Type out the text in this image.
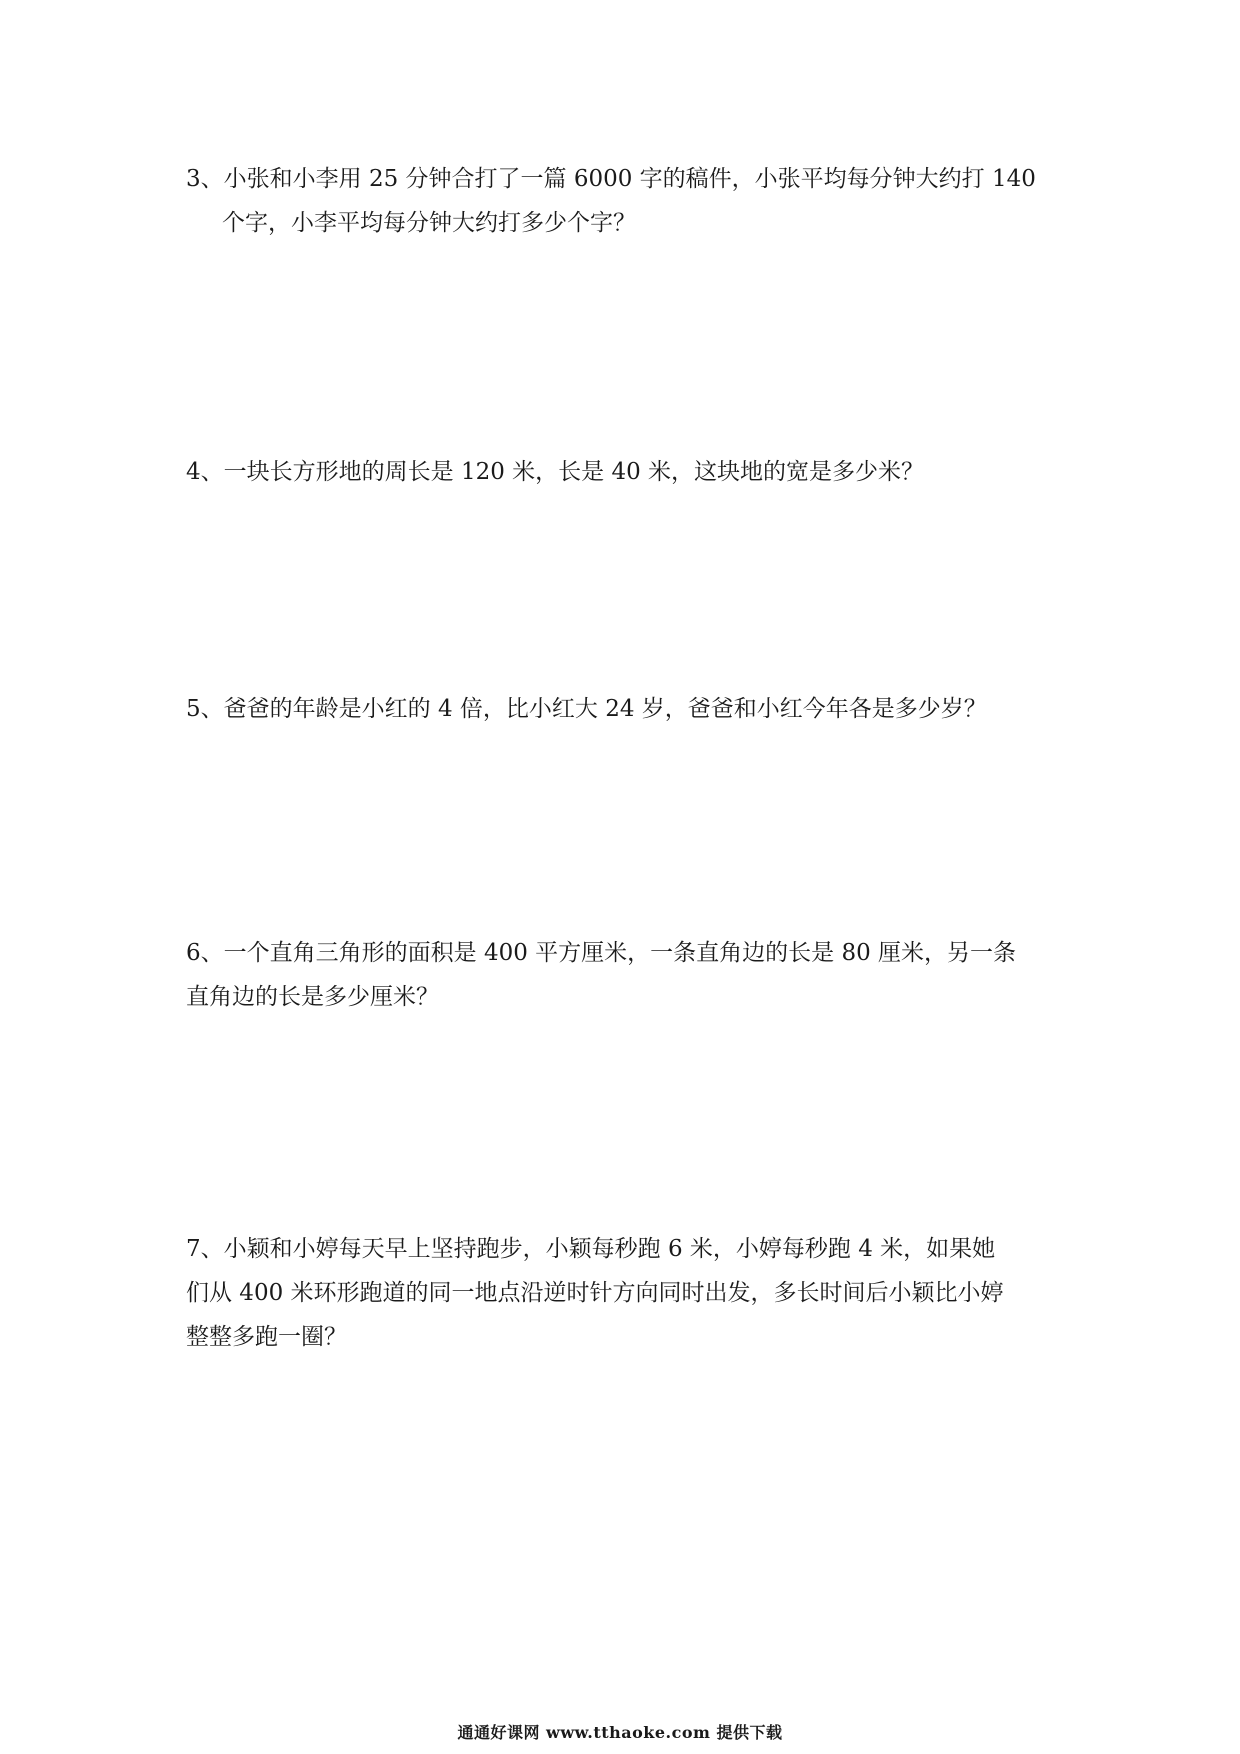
3、小张和小李用 25 分钟合打了一篇 6000 字的稿件，小张平均每分钟大约打 140
个字，小李平均每分钟大约打多少个字？
4、一块长方形地的周长是 120 米，长是 40 米，这块地的宽是多少米？
5、爸爸的年龄是小红的 4 倍，比小红大 24 岁，爸爸和小红今年各是多少岁？
6、一个直角三角形的面积是 400 平方厘米，一条直角边的长是 80 厘米，另一条
直角边的长是多少厘米？
7、小颖和小婷每天早上坚持跑步，小颖每秒跑 6 米，小婷每秒跑 4 米，如果她
们从 400 米环形跑道的同一地点沿逆时针方向同时出发，多长时间后小颖比小婷
整整多跑一圈？
通通好课网 www.tthaoke.com 提供下载
